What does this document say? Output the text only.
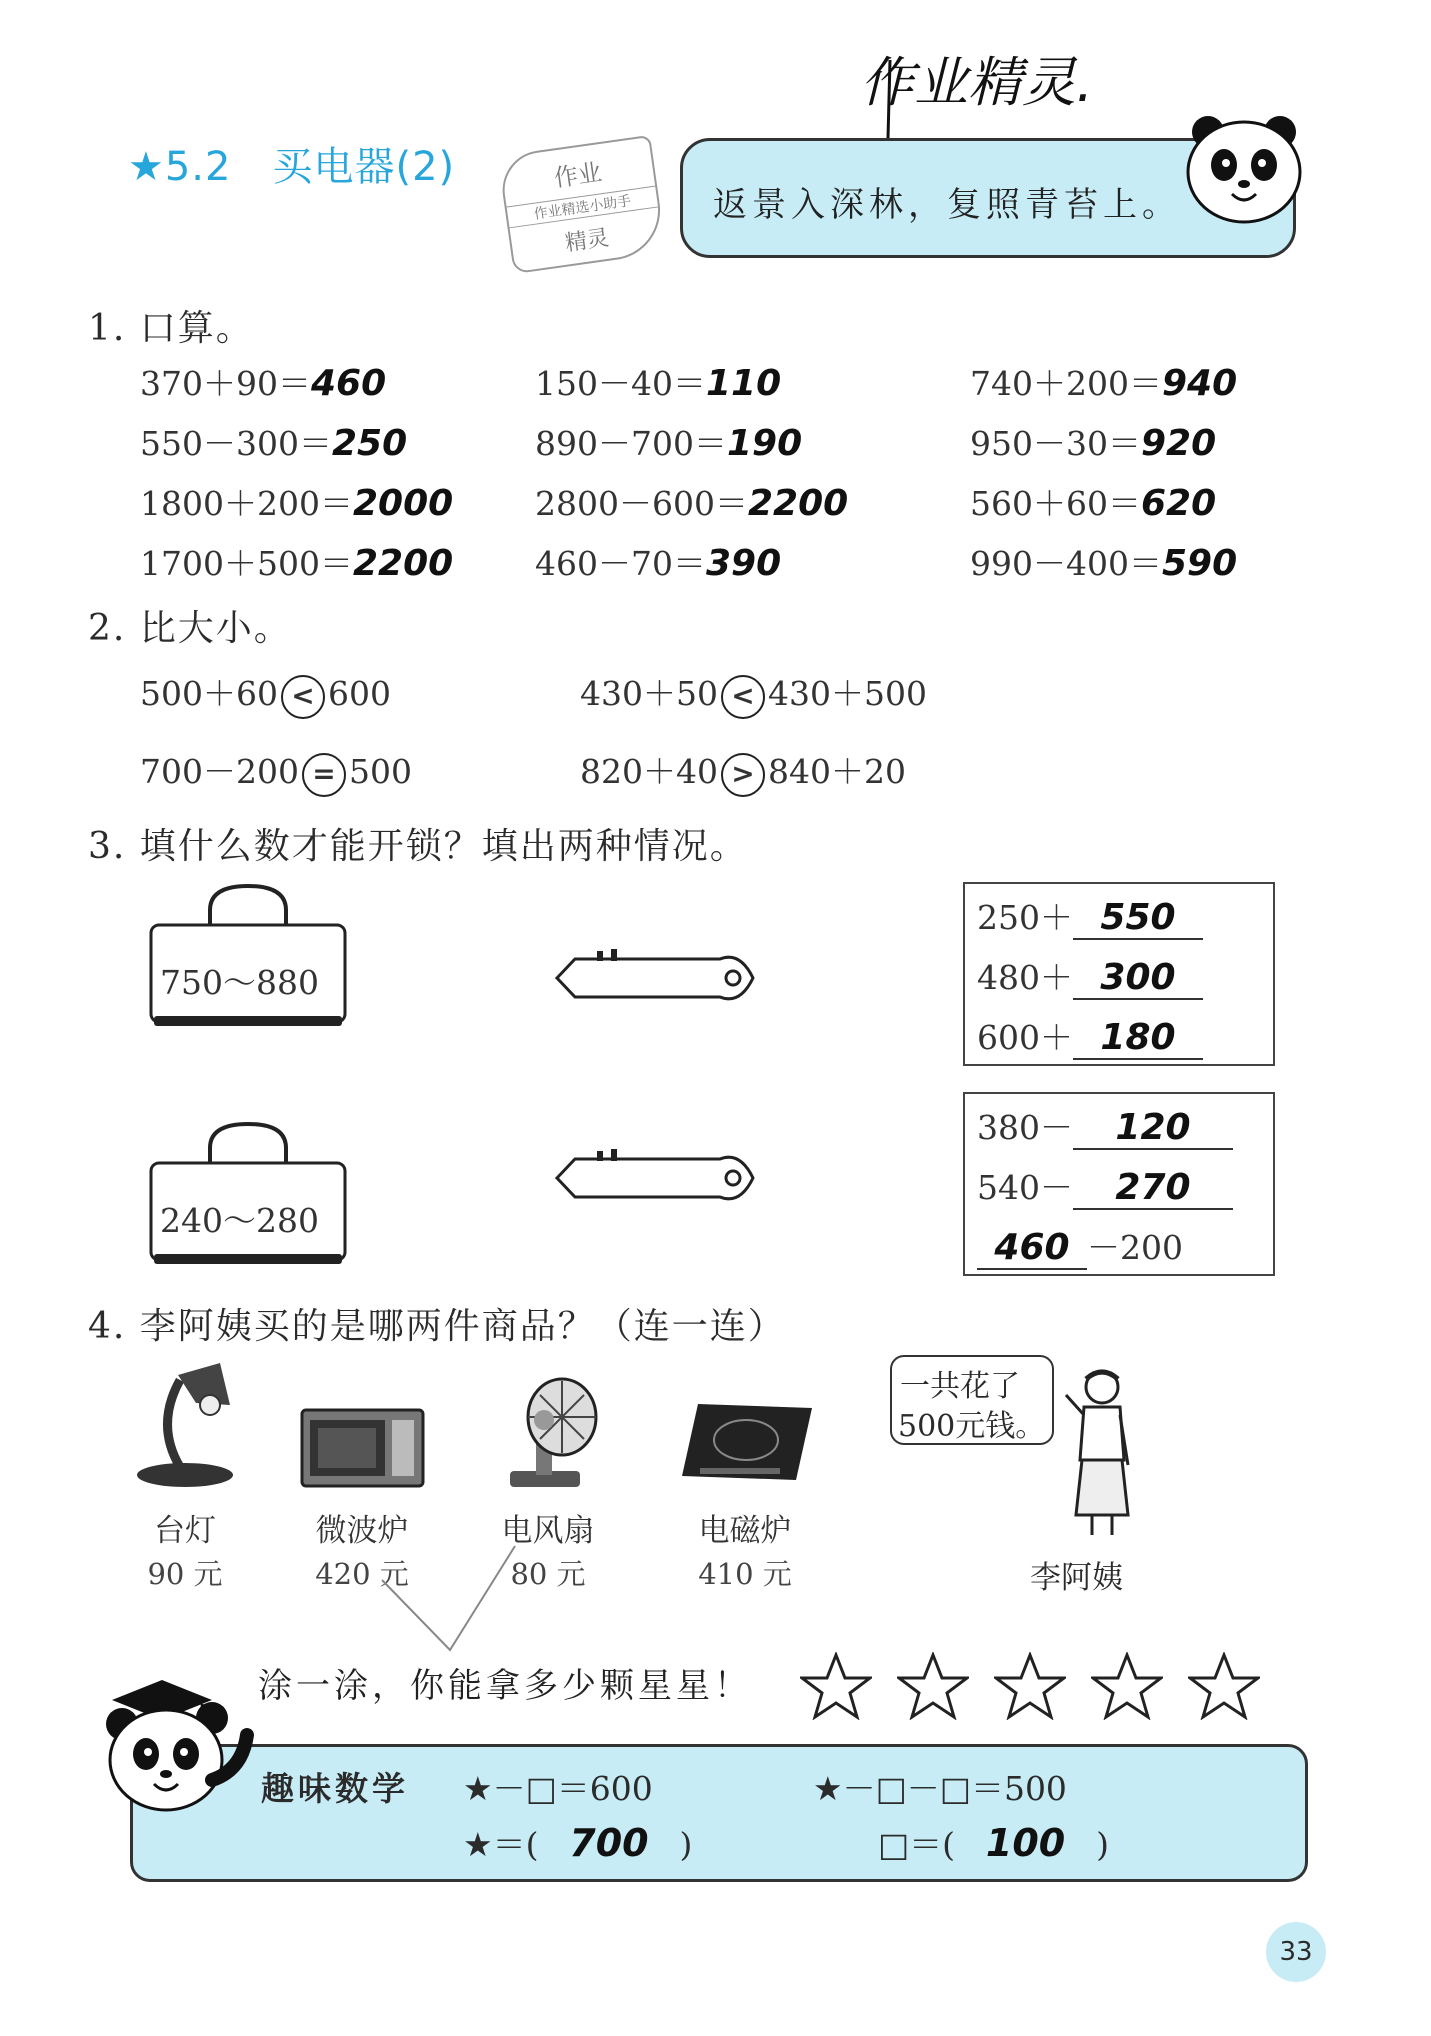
作业精灵.
★5.2　买电器(2)	作业
作业精选小助手
精灵
返景入深林，复照青苔上。
1. 口算。
370＋90＝460	150－40＝110	740＋200＝940
550－300＝250	890－700＝190	950－30＝920
1800＋200＝2000 2800－600＝2200	560＋60＝620
1700＋500＝2200 460－70＝390	990－400＝590
2. 比大小。
500＋60 < 600	430＋50 < 430＋500
700－200 = 500	820＋40 > 840＋20
3. 填什么数才能开锁？填出两种情况。
750～880
250＋ 550
480＋ 300
600＋ 180
240～280
380－ 120
540－ 270
460 －200
4. 李阿姨买的是哪两件商品？（连一连）
台灯
90 元
微波炉
420 元
电风扇
80 元
电磁炉
410 元
一共花了
500元钱。
李阿姨
涂一涂，你能拿多少颗星星！
趣味数学 ★－□＝600	★－□－□＝500
★＝( 700 )	□＝( 100 )
33
